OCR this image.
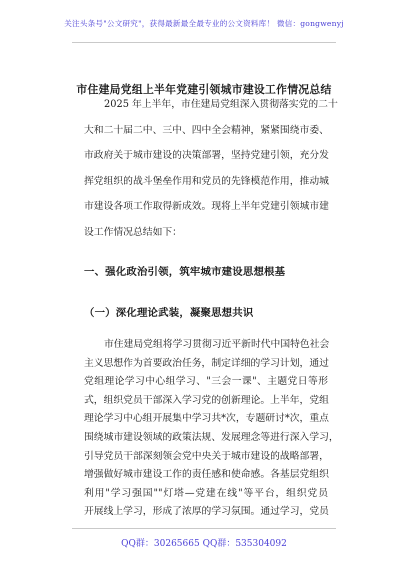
关注头条号"公文研究"，获得最新最全最专业的公文资料库！ 微信：gongwenyj
市住建局党组上半年党建引领城市建设工作情况总结
2025 年上半年，市住建局党组深入贯彻落实党的二十
大和二十届二中、三中、四中全会精神，紧紧围绕市委、
市政府关于城市建设的决策部署，坚持党建引领，充分发
挥党组织的战斗堡垒作用和党员的先锋模范作用，推动城
市建设各项工作取得新成效。现将上半年党建引领城市建
设工作情况总结如下：
一、强化政治引领，筑牢城市建设思想根基
（一）深化理论武装，凝聚思想共识
市住建局党组将学习贯彻习近平新时代中国特色社会
主义思想作为首要政治任务，制定详细的学习计划，通过
党组理论学习中心组学习、"三会一课"、主题党日等形
式，组织党员干部深入学习党的创新理论。上半年，党组
理论学习中心组开展集中学习共*次，专题研讨*次，重点
围绕城市建设领域的政策法规、发展理念等进行深入学习，
引导党员干部深刻领会党中央关于城市建设的战略部署，
增强做好城市建设工作的责任感和使命感。各基层党组织
利用"学习强国""灯塔—党建在线"等平台，组织党员
开展线上学习，形成了浓厚的学习氛围。通过学习，党员
QQ群：30265665 QQ群：535304092
